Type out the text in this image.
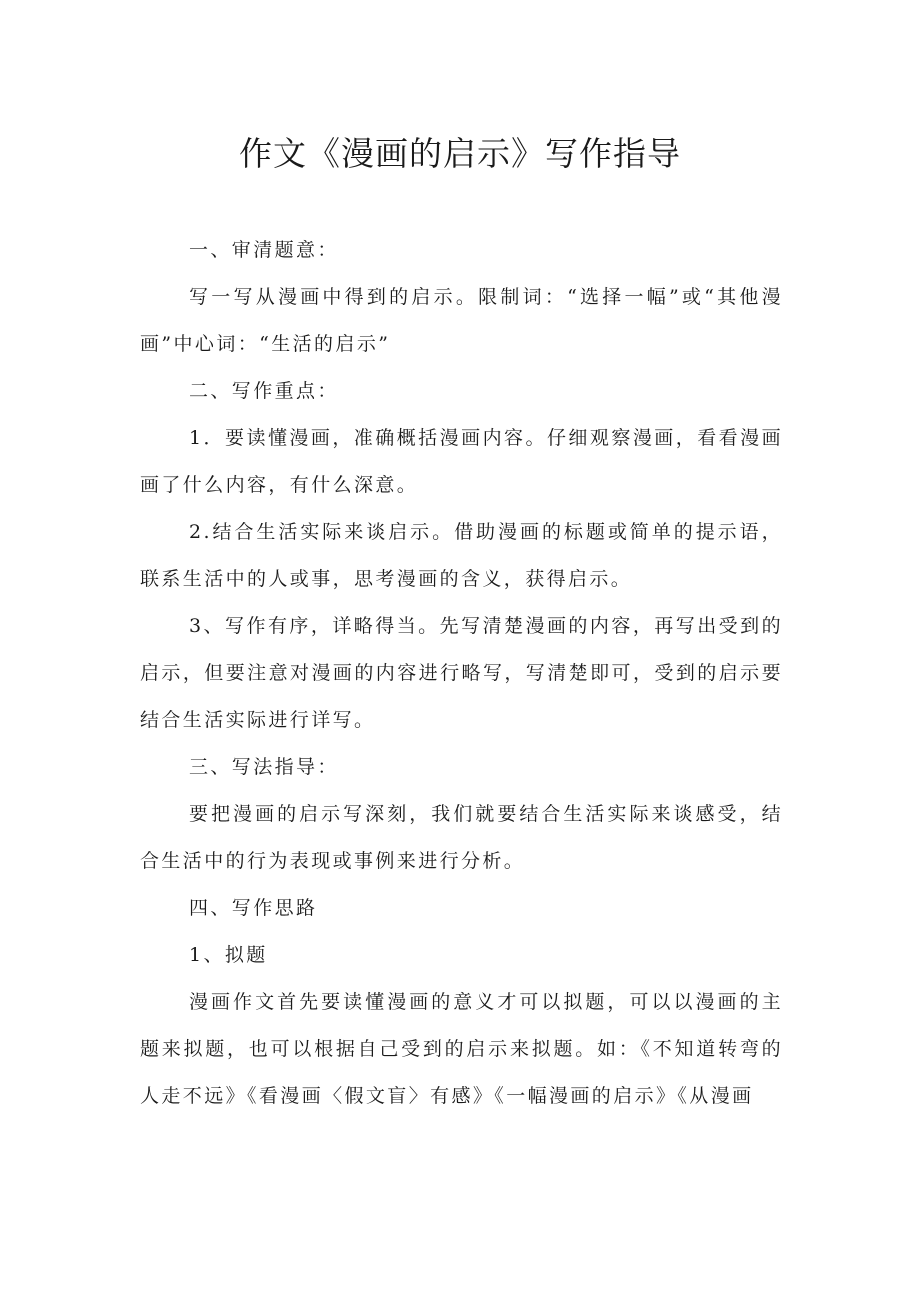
作文《漫画的启示》写作指导

一、审清题意：

写一写从漫画中得到的启示。限制词：“选择一幅”或“其他漫画”中心词：“生活的启示”

二、写作重点：

1．要读懂漫画，准确概括漫画内容。仔细观察漫画，看看漫画画了什么内容，有什么深意。

2.结合生活实际来谈启示。借助漫画的标题或简单的提示语，联系生活中的人或事，思考漫画的含义，获得启示。

3、写作有序，详略得当。先写清楚漫画的内容，再写出受到的启示，但要注意对漫画的内容进行略写，写清楚即可，受到的启示要结合生活实际进行详写。

三、写法指导：

要把漫画的启示写深刻，我们就要结合生活实际来谈感受，结合生活中的行为表现或事例来进行分析。

四、写作思路

1、拟题

漫画作文首先要读懂漫画的意义才可以拟题，可以以漫画的主题来拟题，也可以根据自己受到的启示来拟题。如：《不知道转弯的人走不远》《看漫画〈假文盲〉有感》《一幅漫画的启示》《从漫画
